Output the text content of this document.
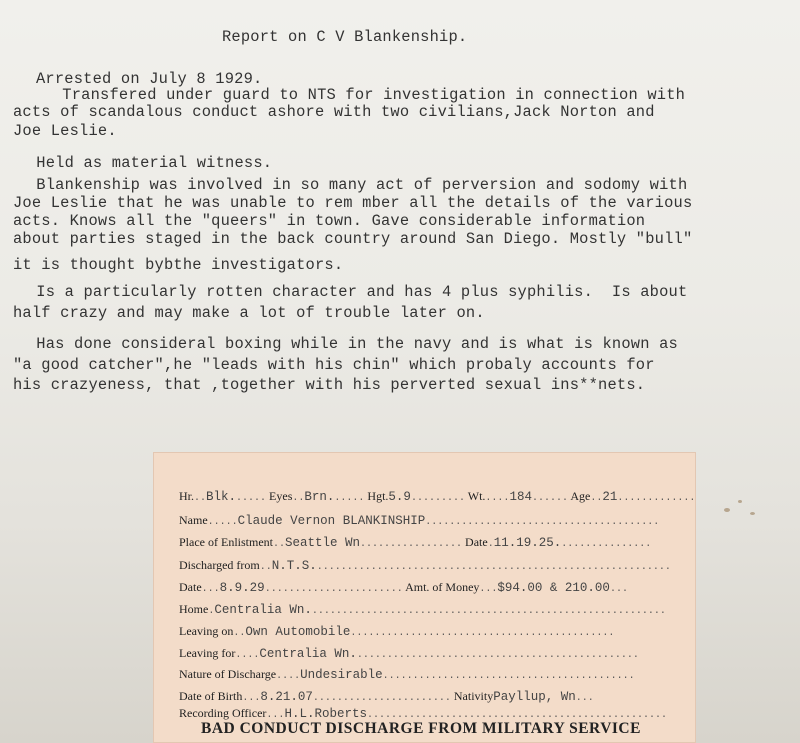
Report on C V Blankenship.

Arrested on July 8 1929.

Transfered under guard to NTS for investigation in connection with

acts of scandalous conduct ashore with two civilians,Jack Norton and

Joe Leslie.

Held as material witness.

Blankenship was involved in so many act of perversion and sodomy with

Joe Leslie that he was unable to rem mber all the details of the various

acts. Knows all the "queers" in town. Gave considerable information

about parties staged in the back country around San Diego. Mostly "bull"

it is thought bybthe investigators.

Is a particularly rotten character and has 4 plus syphilis.  Is about

half crazy and may make a lot of trouble later on.

Has done consideral boxing while in the navy and is what is known as

"a good catcher",he "leads with his chin" which probaly accounts for

his crazyeness, that ,together with his perverted sexual ins**nets.

Hr...Blk...... Eyes..Brn...... Hgt.5.9......... Wt.....184...... Age..21.............
Name.....Claude Vernon BLANKINSHIP.......................................
Place of Enlistment..Seattle Wn................. Date.11.19.25................
Discharged from..N.T.S............................................................
Date...8.9.29....................... Amt. of Money...$94.00 & 210.00...
Home.Centralia Wn............................................................
Leaving on..Own Automobile............................................
Leaving for....Centralia Wn................................................
Nature of Discharge....Undesirable..........................................
Date of Birth...8.21.07....................... NativityPayllup, Wn...
Recording Officer...H.L.Roberts..................................................
BAD CONDUCT DISCHARGE FROM MILITARY SERVICE
